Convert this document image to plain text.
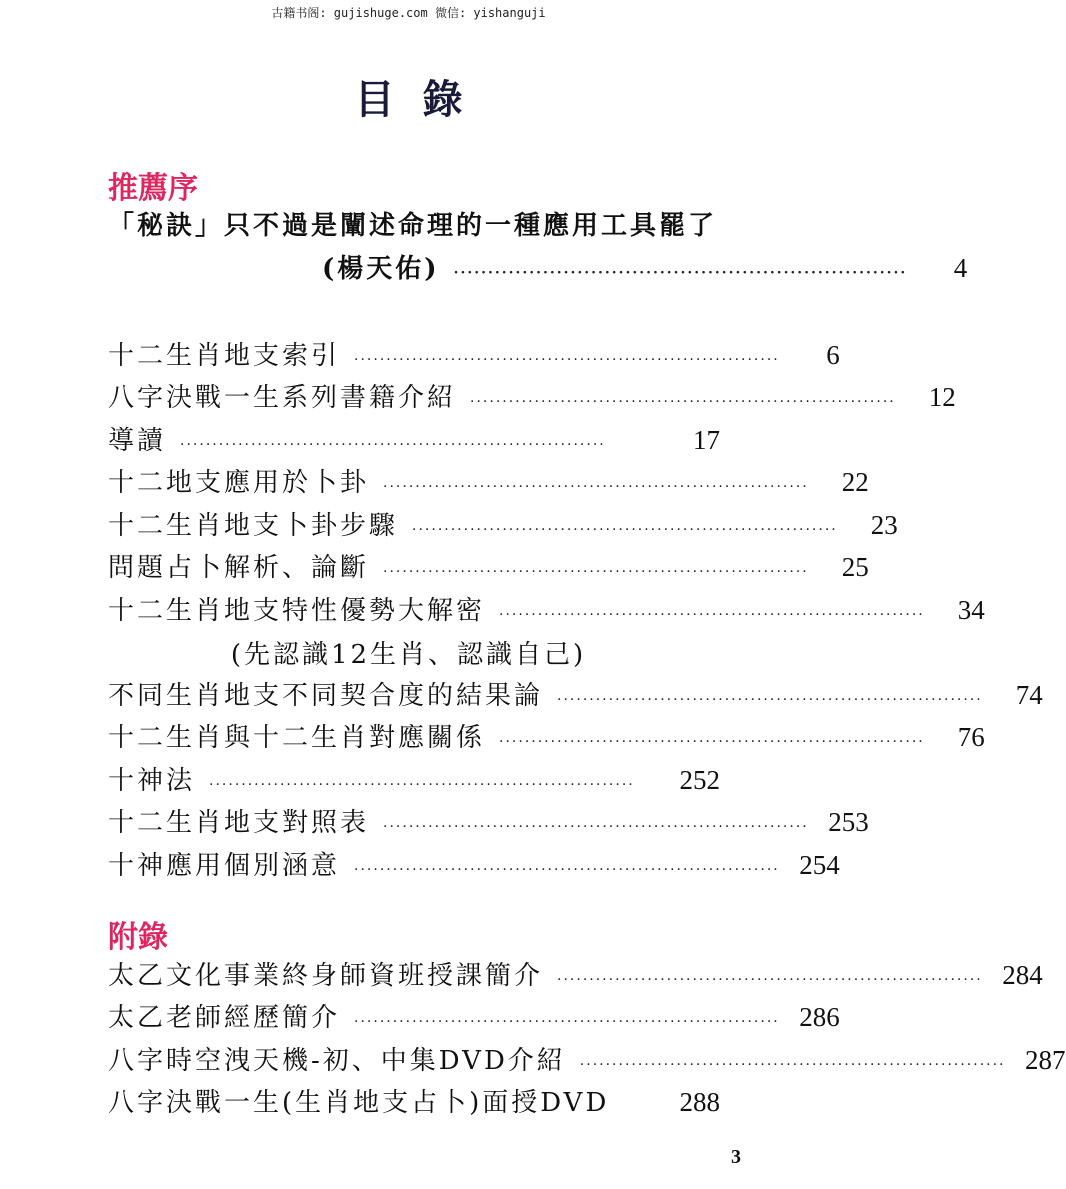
古籍书阁: gujishuge.com 微信: yishanguji
目錄
推薦序
「秘訣」只不過是闡述命理的一種應用工具罷了
(楊天佑) ··································································	4
十二生肖地支索引 ··································································	6
八字決戰一生系列書籍介紹 ··································································	12
導讀 ··································································	17
十二地支應用於卜卦 ··································································	22
十二生肖地支卜卦步驟 ··································································	23
問題占卜解析、論斷 ··································································	25
十二生肖地支特性優勢大解密 ··································································	34
(先認識12生肖、認識自己)
不同生肖地支不同契合度的結果論 ··································································	74
十二生肖與十二生肖對應關係 ··································································	76
十神法 ··································································	252
十二生肖地支對照表 ·································································· 253
十神應用個別涵意 ·································································· 254
附錄
太乙文化事業終身師資班授課簡介 ·································································· 284
太乙老師經歷簡介 ·································································· 286
八字時空洩天機-初、中集DVD介紹 ·································································· 287
八字決戰一生(生肖地支占卜)面授DVD	288
3
